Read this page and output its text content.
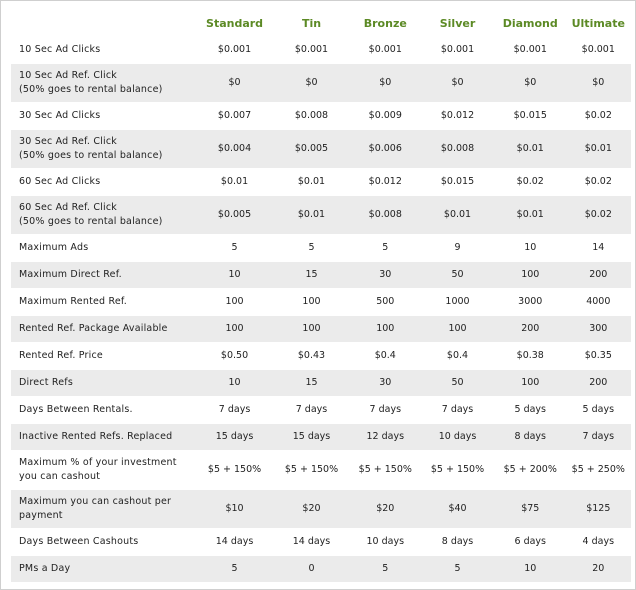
	Standard	Tin	Bronze	Silver	Diamond	Ultimate

10 Sec Ad Clicks	$0.001	$0.001	$0.001	$0.001	$0.001	$0.001

10 Sec Ad Ref. Click
(50% goes to rental balance)	$0	$0	$0	$0	$0	$0

30 Sec Ad Clicks	$0.007	$0.008	$0.009	$0.012	$0.015	$0.02

30 Sec Ad Ref. Click
(50% goes to rental balance)	$0.004	$0.005	$0.006	$0.008	$0.01	$0.01

60 Sec Ad Clicks	$0.01	$0.01	$0.012	$0.015	$0.02	$0.02

60 Sec Ad Ref. Click
(50% goes to rental balance)	$0.005	$0.01	$0.008	$0.01	$0.01	$0.02

Maximum Ads	5	5	5	9	10	14

Maximum Direct Ref.	10	15	30	50	100	200

Maximum Rented Ref.	100	100	500	1000	3000	4000

Rented Ref. Package Available	100	100	100	100	200	300

Rented Ref. Price	$0.50	$0.43	$0.4	$0.4	$0.38	$0.35

Direct Refs	10	15	30	50	100	200

Days Between Rentals.	7 days	7 days	7 days	7 days	5 days	5 days

Inactive Rented Refs. Replaced	15 days	15 days	12 days	10 days	8 days	7 days

Maximum % of your investment
you can cashout	$5 + 150%	$5 + 150%	$5 + 150%	$5 + 150%	$5 + 200%	$5 + 250%

Maximum you can cashout per
payment	$10	$20	$20	$40	$75	$125

Days Between Cashouts	14 days	14 days	10 days	8 days	6 days	4 days

PMs a Day	5	0	5	5	10	20
